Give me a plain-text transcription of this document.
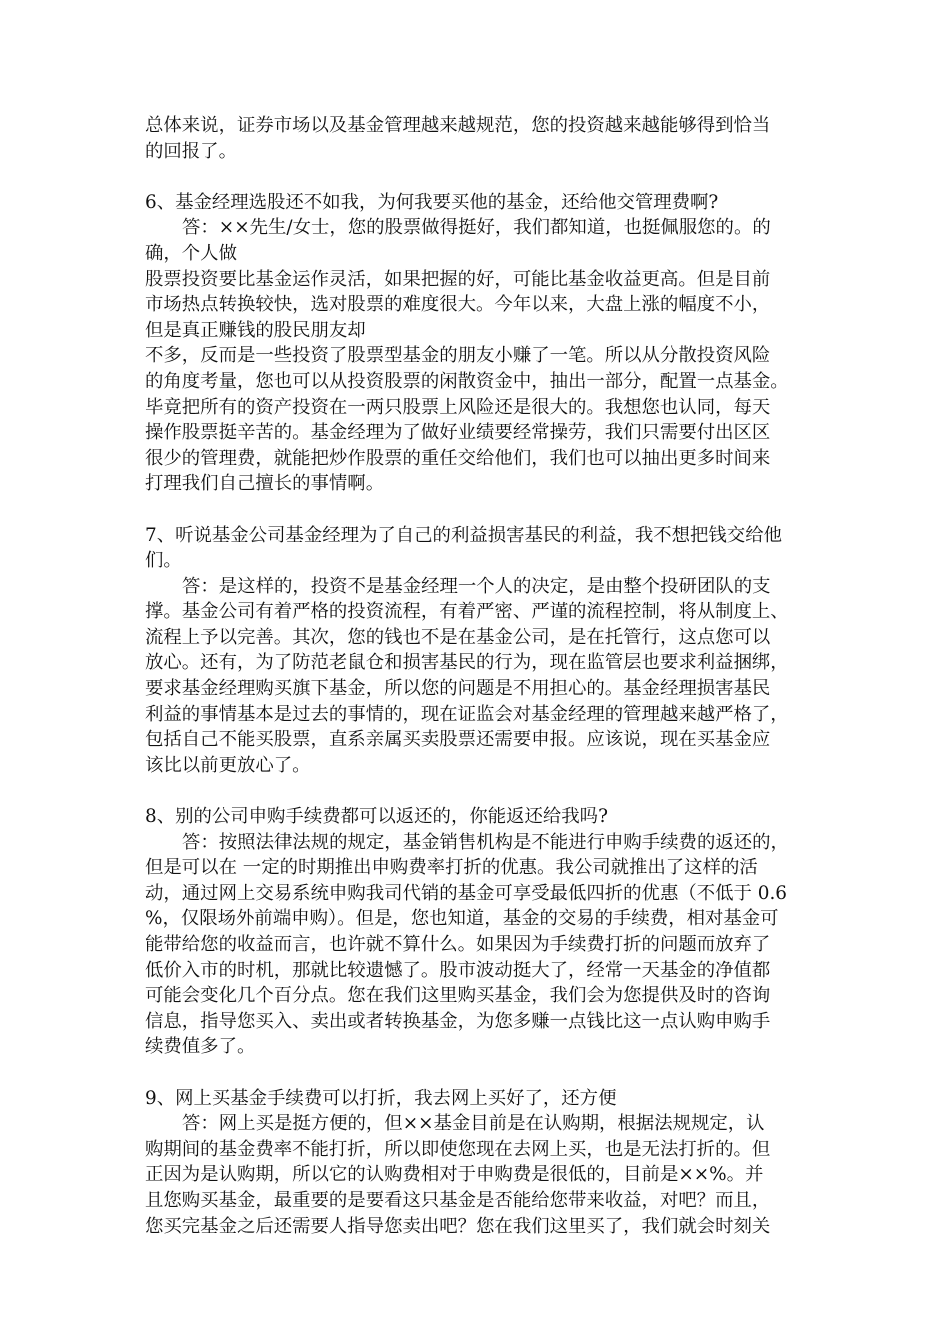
总体来说，证券市场以及基金管理越来越规范，您的投资越来越能够得到恰当
的回报了。
6、基金经理选股还不如我，为何我要买他的基金，还给他交管理费啊?
答：××先生/女士，您的股票做得挺好，我们都知道，也挺佩服您的。的
确，个人做
股票投资要比基金运作灵活，如果把握的好，可能比基金收益更高。但是目前
市场热点转换较快，选对股票的难度很大。今年以来，大盘上涨的幅度不小，
但是真正赚钱的股民朋友却
不多，反而是一些投资了股票型基金的朋友小赚了一笔。所以从分散投资风险
的角度考量，您也可以从投资股票的闲散资金中，抽出一部分，配置一点基金。
毕竟把所有的资产投资在一两只股票上风险还是很大的。我想您也认同，每天
操作股票挺辛苦的。基金经理为了做好业绩要经常操劳，我们只需要付出区区
很少的管理费，就能把炒作股票的重任交给他们，我们也可以抽出更多时间来
打理我们自己擅长的事情啊。
7、听说基金公司基金经理为了自己的利益损害基民的利益，我不想把钱交给他
们。
答：是这样的，投资不是基金经理一个人的决定，是由整个投研团队的支
撑。基金公司有着严格的投资流程，有着严密、严谨的流程控制，将从制度上、
流程上予以完善。其次，您的钱也不是在基金公司，是在托管行，这点您可以
放心。还有，为了防范老鼠仓和损害基民的行为，现在监管层也要求利益捆绑，
要求基金经理购买旗下基金，所以您的问题是不用担心的。基金经理损害基民
利益的事情基本是过去的事情的，现在证监会对基金经理的管理越来越严格了，
包括自己不能买股票，直系亲属买卖股票还需要申报。应该说，现在买基金应
该比以前更放心了。
8、别的公司申购手续费都可以返还的，你能返还给我吗?
答：按照法律法规的规定，基金销售机构是不能进行申购手续费的返还的，
但是可以在 一定的时期推出申购费率打折的优惠。我公司就推出了这样的活
动，通过网上交易系统申购我司代销的基金可享受最低四折的优惠（不低于 0.6
%，仅限场外前端申购）。但是，您也知道，基金的交易的手续费，相对基金可
能带给您的收益而言，也许就不算什么。如果因为手续费打折的问题而放弃了
低价入市的时机，那就比较遗憾了。股市波动挺大了，经常一天基金的净值都
可能会变化几个百分点。您在我们这里购买基金，我们会为您提供及时的咨询
信息，指导您买入、卖出或者转换基金，为您多赚一点钱比这一点认购申购手
续费值多了。
9、网上买基金手续费可以打折，我去网上买好了，还方便
答：网上买是挺方便的，但××基金目前是在认购期，根据法规规定，认
购期间的基金费率不能打折，所以即使您现在去网上买，也是无法打折的。但
正因为是认购期，所以它的认购费相对于申购费是很低的，目前是××%。并
且您购买基金，最重要的是要看这只基金是否能给您带来收益，对吧？而且，
您买完基金之后还需要人指导您卖出吧？您在我们这里买了，我们就会时刻关
